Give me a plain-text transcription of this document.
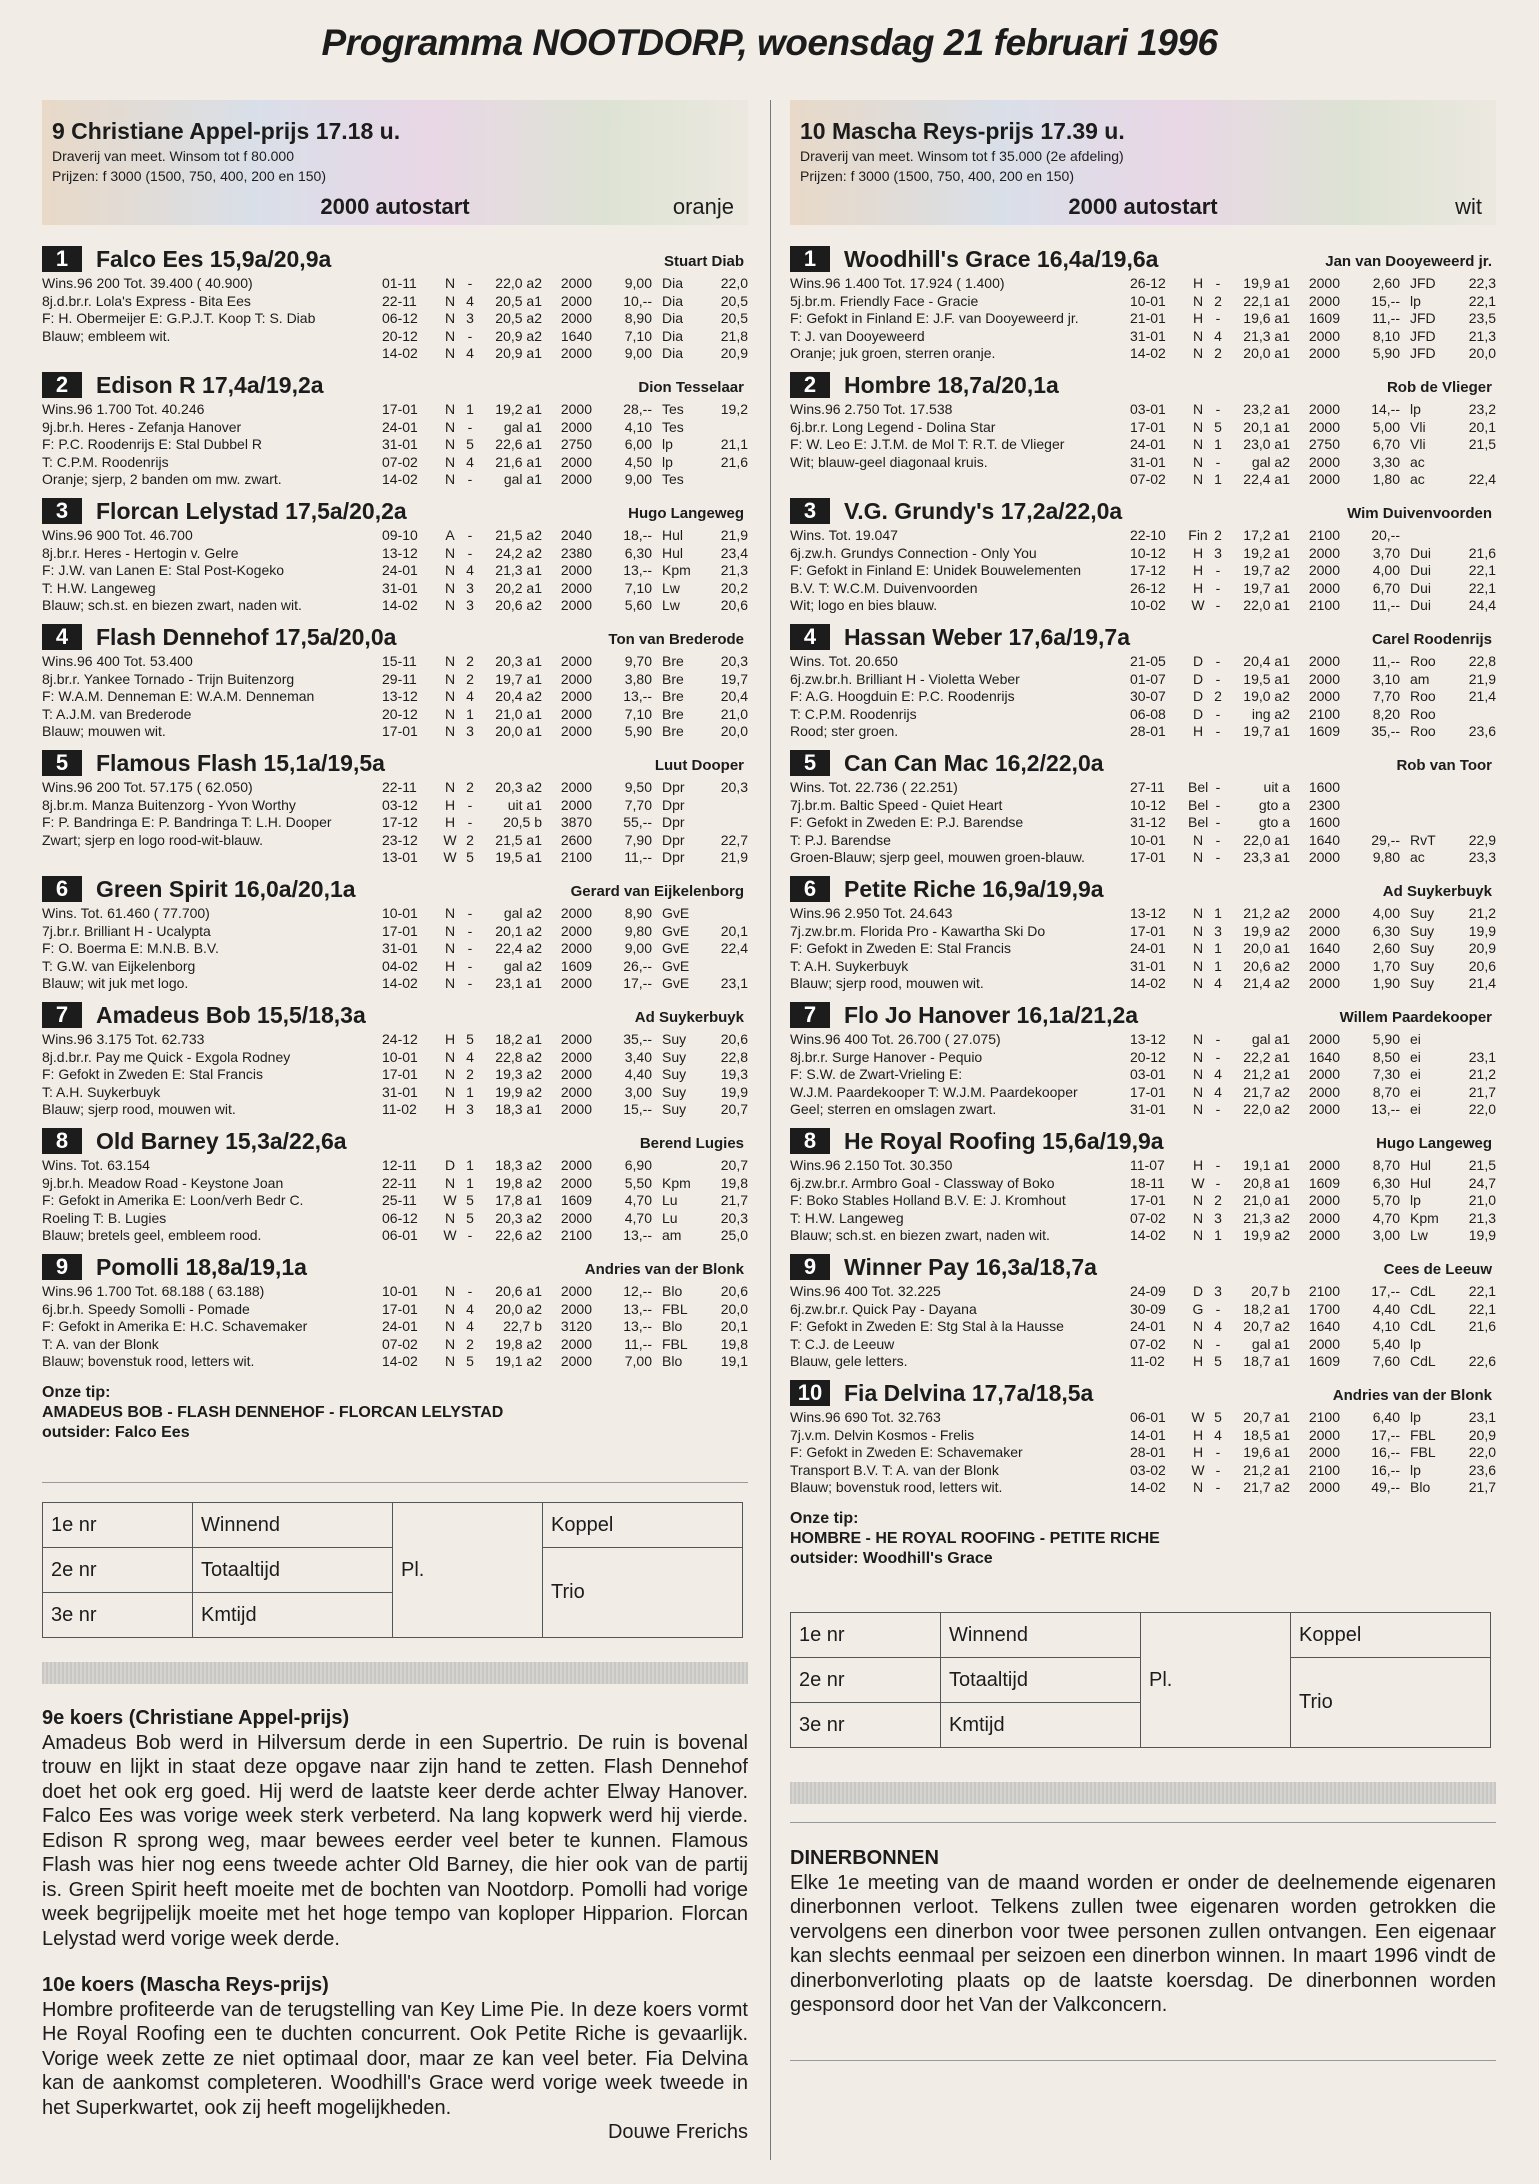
Programma NOOTDORP, woensdag 21 februari 1996
9 Christiane Appel-prijs 17.18 u.
Draverij van meet. Winsom tot f 80.000
Prijzen: f 3000 (1500, 750, 400, 200 en 150)
2000 autostart	oranje
1	Falco Ees 15,9a/20,9a	Stuart Diab
Wins.96 200 Tot. 39.400 ( 40.900)
8j.d.br.r. Lola's Express - Bita Ees
F: H. Obermeijer E: G.P.J.T. Koop T: S. Diab
Blauw; embleem wit.
01-11	N -	22,0 a2	2000	9,00 Dia	22,0
22-11	N 4	20,5 a1	2000	10,-- Dia	20,5
06-12	N 3	20,5 a2	2000	8,90 Dia	20,5
20-12	N -	20,9 a2	1640	7,10 Dia	21,8
14-02	N 4	20,9 a1	2000	9,00 Dia	20,9
2	Edison R 17,4a/19,2a	Dion Tesselaar
Wins.96 1.700 Tot. 40.246
9j.br.h. Heres - Zefanja Hanover
F: P.C. Roodenrijs E: Stal Dubbel R
T: C.P.M. Roodenrijs
Oranje; sjerp, 2 banden om mw. zwart.
17-01	N 1	19,2 a1	2000	28,-- Tes	19,2
24-01	N -	gal a1	2000	4,10 Tes
31-01	N 5	22,6 a1	2750	6,00 lp	21,1
07-02	N 4	21,6 a1	2000	4,50 lp	21,6
14-02	N -	gal a1	2000	9,00 Tes
3	Florcan Lelystad 17,5a/20,2a	Hugo Langeweg
Wins.96 900 Tot. 46.700
8j.br.r. Heres - Hertogin v. Gelre
F: J.W. van Lanen E: Stal Post-Kogeko
T: H.W. Langeweg
Blauw; sch.st. en biezen zwart, naden wit.
09-10	A -	21,5 a2	2040	18,-- Hul	21,9
13-12	N -	24,2 a2	2380	6,30 Hul	23,4
24-01	N 4	21,3 a1	2000	13,-- Kpm	21,3
31-01	N 3	20,2 a1	2000	7,10 Lw	20,2
14-02	N 3	20,6 a2	2000	5,60 Lw	20,6
4	Flash Dennehof 17,5a/20,0a	Ton van Brederode
Wins.96 400 Tot. 53.400
8j.br.r. Yankee Tornado - Trijn Buitenzorg
F: W.A.M. Denneman E: W.A.M. Denneman
T: A.J.M. van Brederode
Blauw; mouwen wit.
15-11	N 2	20,3 a1	2000	9,70 Bre	20,3
29-11	N 2	19,7 a1	2000	3,80 Bre	19,7
13-12	N 4	20,4 a2	2000	13,-- Bre	20,4
20-12	N 1	21,0 a1	2000	7,10 Bre	21,0
17-01	N 3	20,0 a1	2000	5,90 Bre	20,0
5	Flamous Flash 15,1a/19,5a	Luut Dooper
Wins.96 200 Tot. 57.175 ( 62.050)
8j.br.m. Manza Buitenzorg - Yvon Worthy
F: P. Bandringa E: P. Bandringa T: L.H. Dooper
Zwart; sjerp en logo rood-wit-blauw.
22-11	N 2	20,3 a2	2000	9,50 Dpr	20,3
03-12	H -	uit a1	2000	7,70 Dpr
17-12	H -	20,5 b	3870	55,-- Dpr
23-12	W 2	21,5 a1	2600	7,90 Dpr	22,7
13-01	W 5	19,5 a1	2100	11,-- Dpr	21,9
6	Green Spirit 16,0a/20,1a	Gerard van Eijkelenborg
Wins. Tot. 61.460 ( 77.700)
7j.br.r. Brilliant H - Ucalypta
F: O. Boerma E: M.N.B. B.V.
T: G.W. van Eijkelenborg
Blauw; wit juk met logo.
10-01	N -	gal a2	2000	8,90 GvE
17-01	N -	20,1 a2	2000	9,80 GvE	20,1
31-01	N -	22,4 a2	2000	9,00 GvE	22,4
04-02	H -	gal a2	1609	26,-- GvE
14-02	N -	23,1 a1	2000	17,-- GvE	23,1
7	Amadeus Bob 15,5/18,3a	Ad Suykerbuyk
Wins.96 3.175 Tot. 62.733
8j.d.br.r. Pay me Quick - Exgola Rodney
F: Gefokt in Zweden E: Stal Francis
T: A.H. Suykerbuyk
Blauw; sjerp rood, mouwen wit.
24-12	H 5	18,2 a1	2000	35,-- Suy	20,6
10-01	N 4	22,8 a2	2000	3,40 Suy	22,8
17-01	N 2	19,3 a2	2000	4,40 Suy	19,3
31-01	N 1	19,9 a2	2000	3,00 Suy	19,9
11-02	H 3	18,3 a1	2000	15,-- Suy	20,7
8	Old Barney 15,3a/22,6a	Berend Lugies
Wins. Tot. 63.154
9j.br.h. Meadow Road - Keystone Joan
F: Gefokt in Amerika E: Loon/verh Bedr C.
Roeling T: B. Lugies
Blauw; bretels geel, embleem rood.
12-11	D 1	18,3 a2	2000	6,90	20,7
22-11	N 1	19,8 a2	2000	5,50 Kpm	19,8
25-11	W 5	17,8 a1	1609	4,70 Lu	21,7
06-12	N 5	20,3 a2	2000	4,70 Lu	20,3
06-01	W -	22,6 a2	2100	13,-- am	25,0
9	Pomolli 18,8a/19,1a	Andries van der Blonk
Wins.96 1.700 Tot. 68.188 ( 63.188)
6j.br.h. Speedy Somolli - Pomade
F: Gefokt in Amerika E: H.C. Schavemaker
T: A. van der Blonk
Blauw; bovenstuk rood, letters wit.
10-01	N -	20,6 a1	2000	12,-- Blo	20,6
17-01	N 4	20,0 a2	2000	13,-- FBL	20,0
24-01	N 4	22,7 b	3120	13,-- Blo	20,1
07-02	N 2	19,8 a2	2000	11,-- FBL	19,8
14-02	N 5	19,1 a2	2000	7,00 Blo	19,1
Onze tip:
AMADEUS BOB - FLASH DENNEHOF - FLORCAN LELYSTAD
outsider: Falco Ees
1e nr	Winnend	Pl.	Koppel
2e nr	Totaaltijd		Trio
3e nr	Kmtijd		
9e koers (Christiane Appel-prijs)

Amadeus Bob werd in Hilversum derde in een Supertrio. De ruin is bovenal trouw en lijkt in staat deze opgave naar zijn hand te zetten. Flash Dennehof doet het ook erg goed. Hij werd de laatste keer derde achter Elway Hanover. Falco Ees was vorige week sterk verbeterd. Na lang kopwerk werd hij vierde. Edison R sprong weg, maar bewees eerder veel beter te kunnen. Flamous Flash was hier nog eens tweede achter Old Barney, die hier ook van de partij is. Green Spirit heeft moeite met de bochten van Nootdorp. Pomolli had vorige week begrijpelijk moeite met het hoge tempo van koploper Hipparion. Florcan Lelystad werd vorige week derde.

10e koers (Mascha Reys-prijs)

Hombre profiteerde van de terugstelling van Key Lime Pie. In deze koers vormt He Royal Roofing een te duchten concurrent. Ook Petite Riche is gevaarlijk. Vorige week zette ze niet optimaal door, maar ze kan veel beter. Fia Delvina kan de aankomst completeren. Woodhill's Grace werd vorige week tweede in het Superkwartet, ook zij heeft mogelijkheden.

Douwe Frerichs

10 Mascha Reys-prijs 17.39 u.
Draverij van meet. Winsom tot f 35.000 (2e afdeling)
Prijzen: f 3000 (1500, 750, 400, 200 en 150)
2000 autostart	wit
1	Woodhill's Grace 16,4a/19,6a	Jan van Dooyeweerd jr.
Wins.96 1.400 Tot. 17.924 ( 1.400)
5j.br.m. Friendly Face - Gracie
F: Gefokt in Finland E: J.F. van Dooyeweerd jr.
T: J. van Dooyeweerd
Oranje; juk groen, sterren oranje.
26-12	H -	19,9 a1	2000	2,60 JFD	22,3
10-01	N 2	22,1 a1	2000	15,-- lp	22,1
21-01	H -	19,6 a1	1609	11,-- JFD	23,5
31-01	N 4	21,3 a1	2000	8,10 JFD	21,3
14-02	N 2	20,0 a1	2000	5,90 JFD	20,0
2	Hombre 18,7a/20,1a	Rob de Vlieger
Wins.96 2.750 Tot. 17.538
6j.br.r. Long Legend - Dolina Star
F: W. Leo E: J.T.M. de Mol T: R.T. de Vlieger
Wit; blauw-geel diagonaal kruis.
03-01	N -	23,2 a1	2000	14,-- lp	23,2
17-01	N 5	20,1 a1	2000	5,00 Vli	20,1
24-01	N 1	23,0 a1	2750	6,70 Vli	21,5
31-01	N -	gal a2	2000	3,30 ac
07-02	N 1	22,4 a1	2000	1,80 ac	22,4
3	V.G. Grundy's 17,2a/22,0a	Wim Duivenvoorden
Wins. Tot. 19.047
6j.zw.h. Grundys Connection - Only You
F: Gefokt in Finland E: Unidek Bouwelementen
B.V. T: W.C.M. Duivenvoorden
Wit; logo en bies blauw.
22-10	Fin 2	17,2 a1	2100	20,--
10-12	H 3	19,2 a1	2000	3,70 Dui	21,6
17-12	H -	19,7 a2	2000	4,00 Dui	22,1
26-12	H -	19,7 a1	2000	6,70 Dui	22,1
10-02	W -	22,0 a1	2100	11,-- Dui	24,4
4	Hassan Weber 17,6a/19,7a	Carel Roodenrijs
Wins. Tot. 20.650
6j.zw.br.h. Brilliant H - Violetta Weber
F: A.G. Hoogduin E: P.C. Roodenrijs
T: C.P.M. Roodenrijs
Rood; ster groen.
21-05	D -	20,4 a1	2000	11,-- Roo	22,8
01-07	D -	19,5 a1	2000	3,10 am	21,9
30-07	D 2	19,0 a2	2000	7,70 Roo	21,4
06-08	D -	ing a2	2100	8,20 Roo
28-01	H -	19,7 a1	1609	35,-- Roo	23,6
5	Can Can Mac 16,2/22,0a	Rob van Toor
Wins. Tot. 22.736 ( 22.251)
7j.br.m. Baltic Speed - Quiet Heart
F: Gefokt in Zweden E: P.J. Barendse
T: P.J. Barendse
Groen-Blauw; sjerp geel, mouwen groen-blauw.
27-11	Bel -	uit a	1600
10-12	Bel -	gto a	2300
31-12	Bel -	gto a	1600
10-01	N -	22,0 a1	1640	29,-- RvT	22,9
17-01	N -	23,3 a1	2000	9,80 ac	23,3
6	Petite Riche 16,9a/19,9a	Ad Suykerbuyk
Wins.96 2.950 Tot. 24.643
7j.zw.br.m. Florida Pro - Kawartha Ski Do
F: Gefokt in Zweden E: Stal Francis
T: A.H. Suykerbuyk
Blauw; sjerp rood, mouwen wit.
13-12	N 1	21,2 a2	2000	4,00 Suy	21,2
17-01	N 3	19,9 a2	2000	6,30 Suy	19,9
24-01	N 1	20,0 a1	1640	2,60 Suy	20,9
31-01	N 1	20,6 a2	2000	1,70 Suy	20,6
14-02	N 4	21,4 a2	2000	1,90 Suy	21,4
7	Flo Jo Hanover 16,1a/21,2a	Willem Paardekooper
Wins.96 400 Tot. 26.700 ( 27.075)
8j.br.r. Surge Hanover - Pequio
F: S.W. de Zwart-Vrieling E:
W.J.M. Paardekooper T: W.J.M. Paardekooper
Geel; sterren en omslagen zwart.
13-12	N -	gal a1	2000	5,90 ei
20-12	N -	22,2 a1	1640	8,50 ei	23,1
03-01	N 4	21,2 a1	2000	7,30 ei	21,2
17-01	N 4	21,7 a2	2000	8,70 ei	21,7
31-01	N -	22,0 a2	2000	13,-- ei	22,0
8	He Royal Roofing 15,6a/19,9a	Hugo Langeweg
Wins.96 2.150 Tot. 30.350
6j.zw.br.r. Armbro Goal - Classway of Boko
F: Boko Stables Holland B.V. E: J. Kromhout
T: H.W. Langeweg
Blauw; sch.st. en biezen zwart, naden wit.
11-07	H -	19,1 a1	2000	8,70 Hul	21,5
18-11	W -	20,8 a1	1609	6,30 Hul	24,7
17-01	N 2	21,0 a1	2000	5,70 lp	21,0
07-02	N 3	21,3 a2	2000	4,70 Kpm	21,3
14-02	N 1	19,9 a2	2000	3,00 Lw	19,9
9	Winner Pay 16,3a/18,7a	Cees de Leeuw
Wins.96 400 Tot. 32.225
6j.zw.br.r. Quick Pay - Dayana
F: Gefokt in Zweden E: Stg Stal à la Hausse
T: C.J. de Leeuw
Blauw, gele letters.
24-09	D 3	20,7 b	2100	17,-- CdL	22,1
30-09	G -	18,2 a1	1700	4,40 CdL	22,1
24-01	N 4	20,7 a2	1640	4,10 CdL	21,6
07-02	N -	gal a1	2000	5,40 lp
11-02	H 5	18,7 a1	1609	7,60 CdL	22,6
10 Fia Delvina 17,7a/18,5a	Andries van der Blonk
Wins.96 690 Tot. 32.763
7j.v.m. Delvin Kosmos - Frelis
F: Gefokt in Zweden E: Schavemaker
Transport B.V. T: A. van der Blonk
Blauw; bovenstuk rood, letters wit.
06-01	W 5	20,7 a1	2100	6,40 lp	23,1
14-01	H 4	18,5 a1	2000	17,-- FBL	20,9
28-01	H -	19,6 a1	2000	16,-- FBL	22,0
03-02	W -	21,2 a1	2100	16,-- lp	23,6
14-02	N -	21,7 a2	2000	49,-- Blo	21,7
Onze tip:
HOMBRE - HE ROYAL ROOFING - PETITE RICHE
outsider: Woodhill's Grace
1e nr	Winnend	Pl.	Koppel
2e nr	Totaaltijd		Trio
3e nr	Kmtijd		
DINERBONNEN

Elke 1e meeting van de maand worden er onder de deelnemende eigenaren dinerbonnen verloot. Telkens zullen twee eigenaren worden getrokken die vervolgens een dinerbon voor twee personen zullen ontvangen. Een eigenaar kan slechts eenmaal per seizoen een dinerbon winnen. In maart 1996 vindt de dinerbonverloting plaats op de laatste koersdag. De dinerbonnen worden gesponsord door het Van der Valkconcern.
